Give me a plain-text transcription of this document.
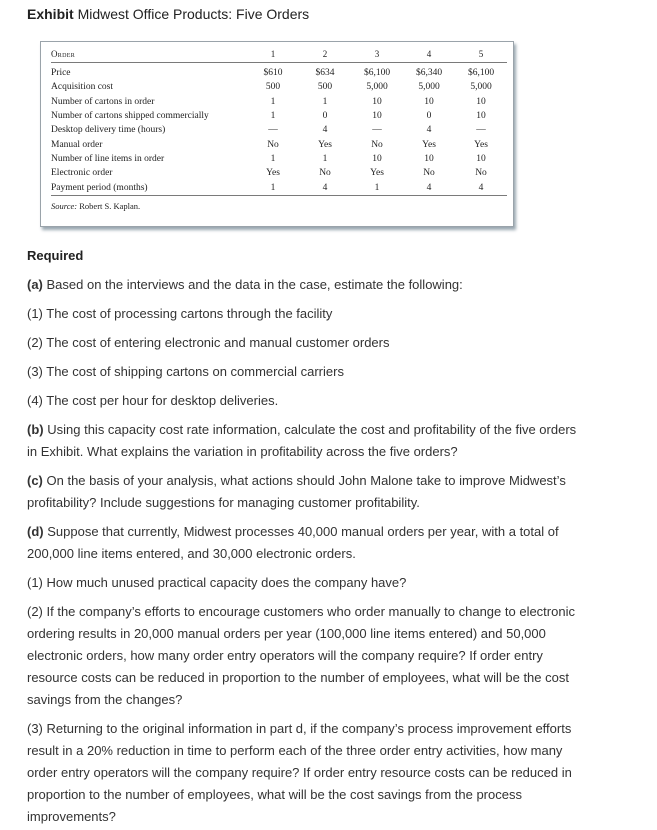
Exhibit Midwest Office Products: Five Orders
Order	1	2	3	4	5
Price	$610	$634	$6,100	$6,340	$6,100
Acquisition cost	500	500	5,000	5,000	5,000
Number of cartons in order	1	1	10	10	10
Number of cartons shipped commercially	1	0	10	0	10
Desktop delivery time (hours)	—	4	—	4	—
Manual order	No	Yes	No	Yes	Yes
Number of line items in order	1	1	10	10	10
Electronic order	Yes	No	Yes	No	No
Payment period (months)	1	4	1	4	4
Source: Robert S. Kaplan.					
Required
(a) Based on the interviews and the data in the case, estimate the following:
(1) The cost of processing cartons through the facility
(2) The cost of entering electronic and manual customer orders
(3) The cost of shipping cartons on commercial carriers
(4) The cost per hour for desktop deliveries.
(b) Using this capacity cost rate information, calculate the cost and profitability of the five orders
in Exhibit. What explains the variation in profitability across the five orders?
(c) On the basis of your analysis, what actions should John Malone take to improve Midwest’s
profitability? Include suggestions for managing customer profitability.
(d) Suppose that currently, Midwest processes 40,000 manual orders per year, with a total of
200,000 line items entered, and 30,000 electronic orders.
(1) How much unused practical capacity does the company have?
(2) If the company’s efforts to encourage customers who order manually to change to electronic
ordering results in 20,000 manual orders per year (100,000 line items entered) and 50,000
electronic orders, how many order entry operators will the company require? If order entry
resource costs can be reduced in proportion to the number of employees, what will be the cost
savings from the changes?
(3) Returning to the original information in part d, if the company’s process improvement efforts
result in a 20% reduction in time to perform each of the three order entry activities, how many
order entry operators will the company require? If order entry resource costs can be reduced in
proportion to the number of employees, what will be the cost savings from the process
improvements?
